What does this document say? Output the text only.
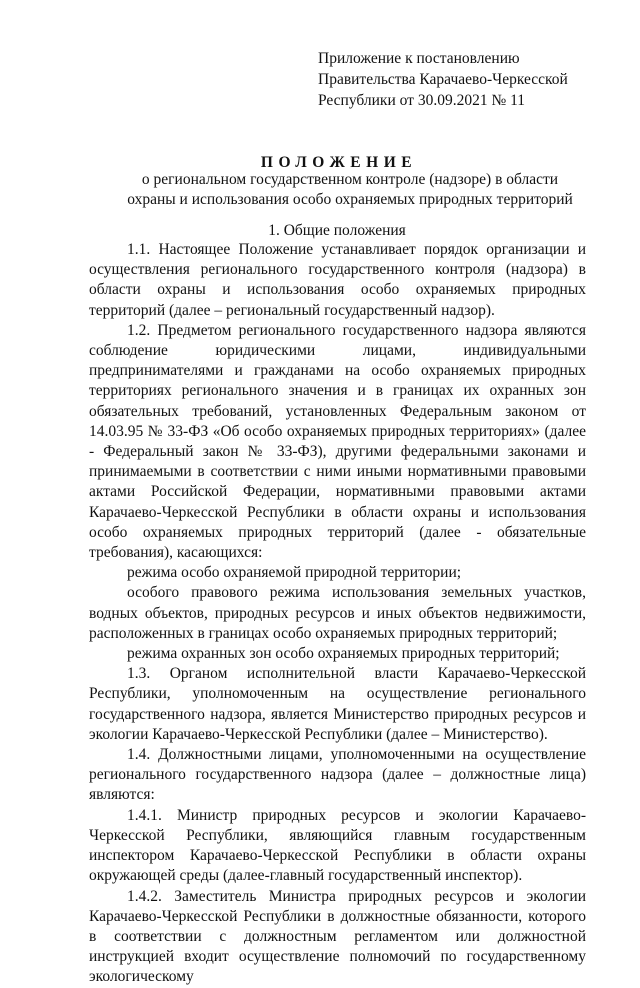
Приложение к постановлению
Правительства Карачаево-Черкесской
Республики от 30.09.2021 № 11
ПОЛОЖЕНИЕ
о региональном государственном контроле (надзоре) в области
охраны и использования особо охраняемых природных территорий
1. Общие положения

1.1. Настоящее Положение устанавливает порядок организации и осуществления регионального государственного контроля (надзора) в области охраны и использования особо охраняемых природных территорий (далее – региональный государственный надзор).

1.2. Предметом регионального государственного надзора являются соблюдение юридическими лицами, индивидуальными предпринимателями и гражданами на особо охраняемых природных территориях регионального значения и в границах их охранных зон обязательных требований, установленных Федеральным законом от 14.03.95 № 33-ФЗ «Об особо охраняемых природных территориях» (далее - Федеральный закон № 33-ФЗ), другими федеральными законами и принимаемыми в соответствии с ними иными нормативными правовыми актами Российской Федерации, нормативными правовыми актами Карачаево-Черкесской Республики в области охраны и использования особо охраняемых природных территорий (далее - обязательные требования), касающихся:

режима особо охраняемой природной территории;

особого правового режима использования земельных участков, водных объектов, природных ресурсов и иных объектов недвижимости, расположенных в границах особо охраняемых природных территорий;

режима охранных зон особо охраняемых природных территорий;

1.3. Органом исполнительной власти Карачаево-Черкесской Республики, уполномоченным на осуществление регионального государственного надзора, является Министерство природных ресурсов и экологии Карачаево-Черкесской Республики (далее – Министерство).

1.4. Должностными лицами, уполномоченными на осуществление регионального государственного надзора (далее – должностные лица) являются:

1.4.1. Министр природных ресурсов и экологии Карачаево-Черкесской Республики, являющийся главным государственным инспектором Карачаево-Черкесской Республики в области охраны окружающей среды (далее-главный государственный инспектор).

1.4.2. Заместитель Министра природных ресурсов и экологии Карачаево-Черкесской Республики в должностные обязанности, которого в соответствии с должностным регламентом или должностной инструкцией входит осуществление полномочий по государственному экологическому
